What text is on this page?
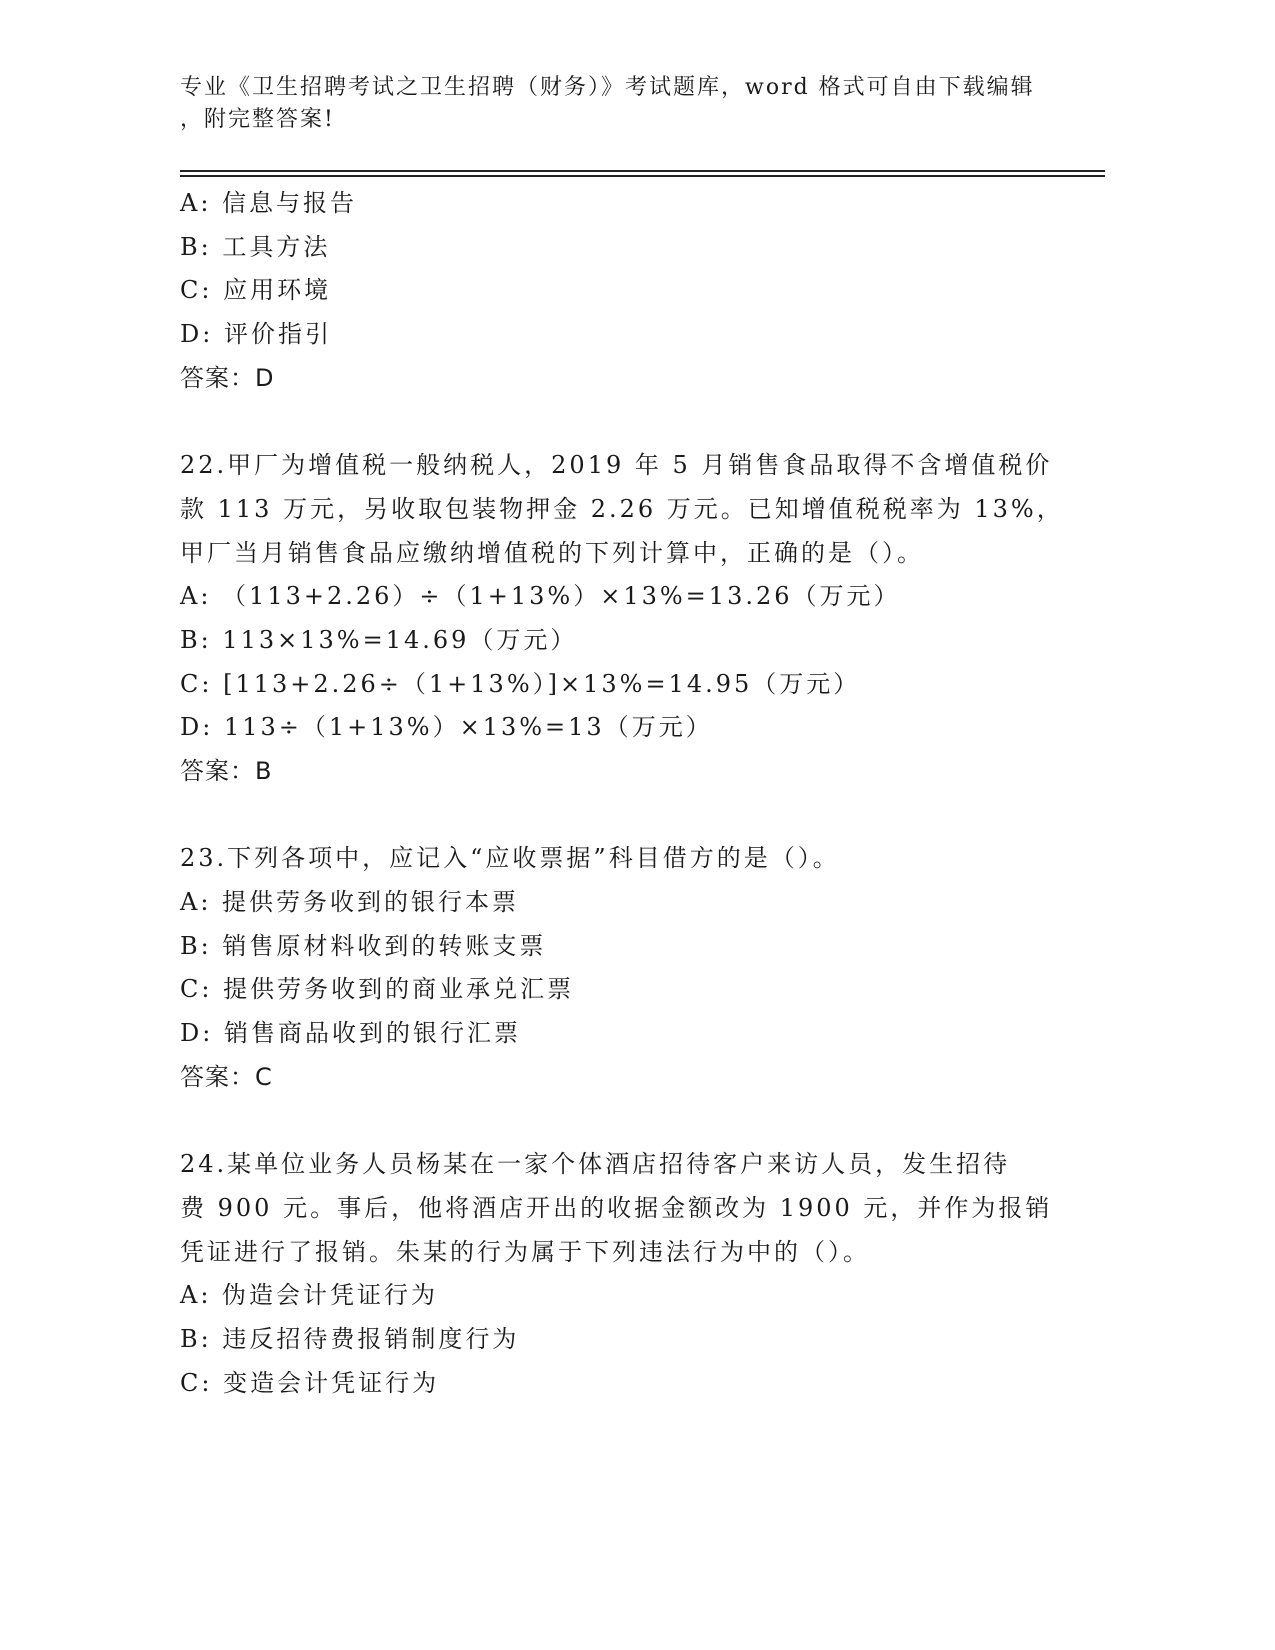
专业《卫生招聘考试之卫生招聘（财务）》考试题库，word 格式可自由下载编辑
，附完整答案!
A: 信息与报告
B: 工具方法
C: 应用环境
D: 评价指引
答案：D
22.甲厂为增值税一般纳税人，2019 年 5 月销售食品取得不含增值税价
款 113 万元，另收取包装物押金 2.26 万元。已知增值税税率为 13%，
甲厂当月销售食品应缴纳增值税的下列计算中，正确的是（）。
A: （113+2.26）÷（1+13%）×13%=13.26（万元）
B: 113×13%=14.69（万元）
C: [113+2.26÷（1+13%）]×13%=14.95（万元）
D: 113÷（1+13%）×13%=13（万元）
答案：B
23.下列各项中，应记入“应收票据”科目借方的是（）。
A: 提供劳务收到的银行本票
B: 销售原材料收到的转账支票
C: 提供劳务收到的商业承兑汇票
D: 销售商品收到的银行汇票
答案：C
24.某单位业务人员杨某在一家个体酒店招待客户来访人员，发生招待
费 900 元。事后，他将酒店开出的收据金额改为 1900 元，并作为报销
凭证进行了报销。朱某的行为属于下列违法行为中的（）。
A: 伪造会计凭证行为
B: 违反招待费报销制度行为
C: 变造会计凭证行为
